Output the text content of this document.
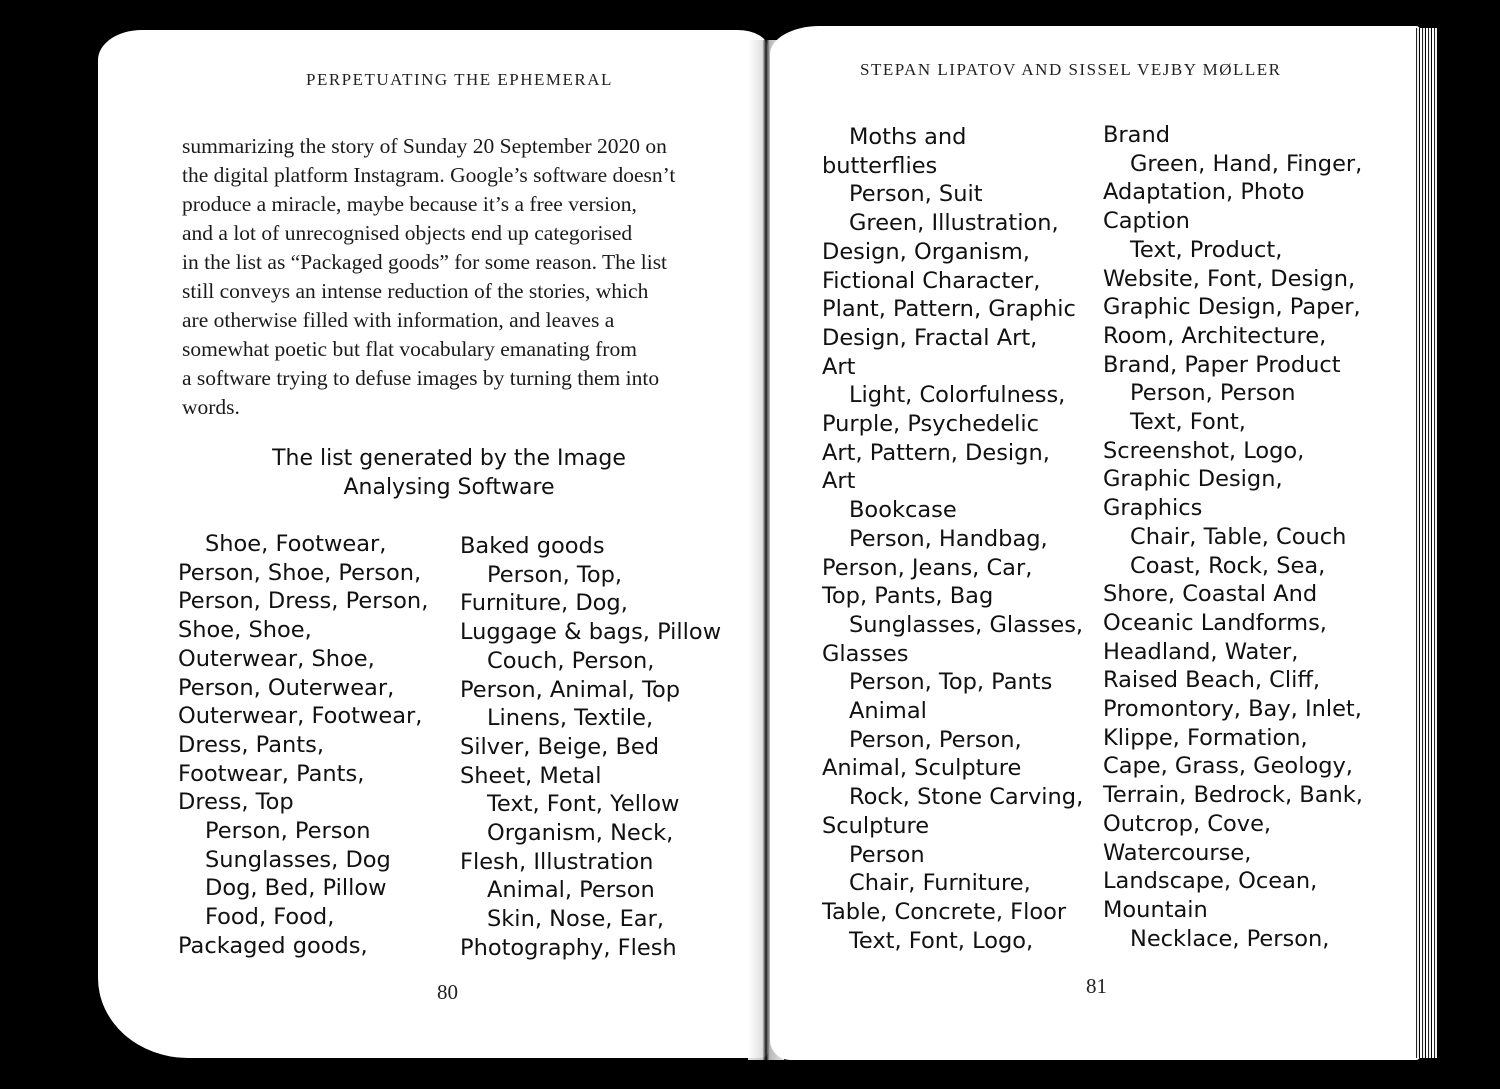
PERPETUATING THE EPHEMERAL
summarizing the story of Sunday 20 September 2020 on
the digital platform Instagram. Google’s software doesn’t
produce a miracle, maybe because it’s a free version,
and a lot of unrecognised objects end up categorised
in the list as “Packaged goods” for some reason. The list
still conveys an intense reduction of the stories, which
are otherwise filled with information, and leaves a
somewhat poetic but flat vocabulary emanating from
a software trying to defuse images by turning them into
words.
The list generated by the Image
Analysing Software
Shoe, Footwear,
Person, Shoe, Person,
Person, Dress, Person,
Shoe, Shoe,
Outerwear, Shoe,
Person, Outerwear,
Outerwear, Footwear,
Dress, Pants,
Footwear, Pants,
Dress, Top
Person, Person
Sunglasses, Dog
Dog, Bed, Pillow
Food, Food,
Packaged goods,
Baked goods
Person, Top,
Furniture, Dog,
Luggage & bags, Pillow
Couch, Person,
Person, Animal, Top
Linens, Textile,
Silver, Beige, Bed
Sheet, Metal
Text, Font, Yellow
Organism, Neck,
Flesh, Illustration
Animal, Person
Skin, Nose, Ear,
Photography, Flesh
80
STEPAN LIPATOV AND SISSEL VEJBY MØLLER
Moths and
butterflies
Person, Suit
Green, Illustration,
Design, Organism,
Fictional Character,
Plant, Pattern, Graphic
Design, Fractal Art,
Art
Light, Colorfulness,
Purple, Psychedelic
Art, Pattern, Design,
Art
Bookcase
Person, Handbag,
Person, Jeans, Car,
Top, Pants, Bag
Sunglasses, Glasses,
Glasses
Person, Top, Pants
Animal
Person, Person,
Animal, Sculpture
Rock, Stone Carving,
Sculpture
Person
Chair, Furniture,
Table, Concrete, Floor
Text, Font, Logo,
Brand
Green, Hand, Finger,
Adaptation, Photo
Caption
Text, Product,
Website, Font, Design,
Graphic Design, Paper,
Room, Architecture,
Brand, Paper Product
Person, Person
Text, Font,
Screenshot, Logo,
Graphic Design,
Graphics
Chair, Table, Couch
Coast, Rock, Sea,
Shore, Coastal And
Oceanic Landforms,
Headland, Water,
Raised Beach, Cliff,
Promontory, Bay, Inlet,
Klippe, Formation,
Cape, Grass, Geology,
Terrain, Bedrock, Bank,
Outcrop, Cove,
Watercourse,
Landscape, Ocean,
Mountain
Necklace, Person,
81
